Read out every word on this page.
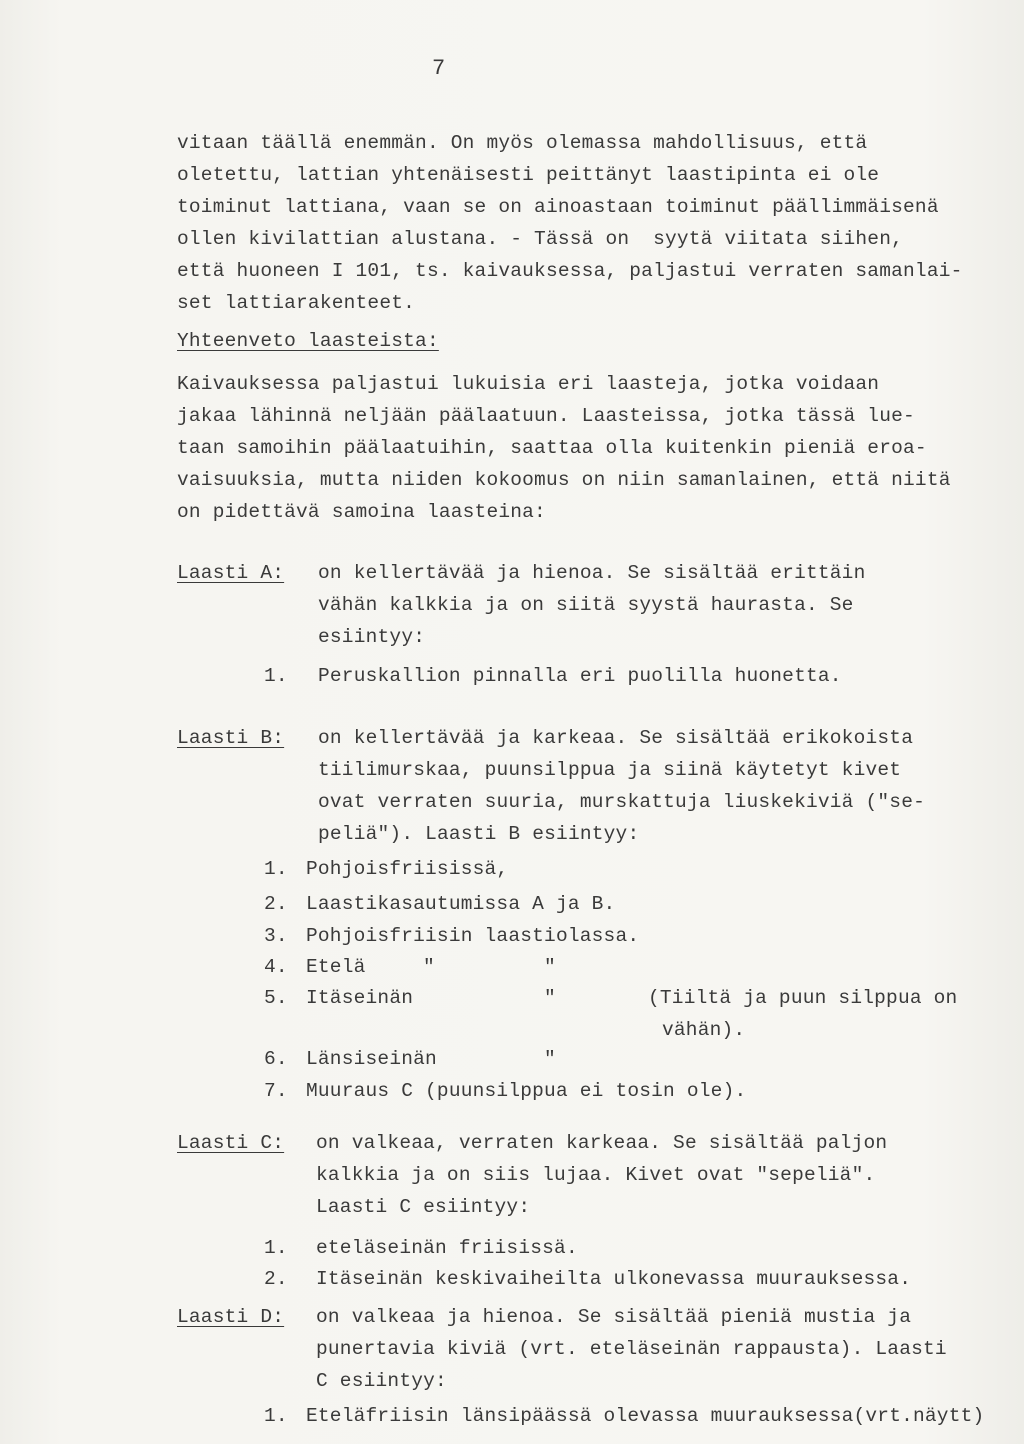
7
vitaan täällä enemmän. On myös olemassa mahdollisuus, että
oletettu, lattian yhtenäisesti peittänyt laastipinta ei ole
toiminut lattiana, vaan se on ainoastaan toiminut päällimmäisenä
ollen kivilattian alustana. - Tässä on  syytä viitata siihen,
että huoneen I 101, ts. kaivauksessa, paljastui verraten samanlai-
set lattiarakenteet.
Yhteenveto laasteista:
Kaivauksessa paljastui lukuisia eri laasteja, jotka voidaan
jakaa lähinnä neljään päälaatuun. Laasteissa, jotka tässä lue-
taan samoihin päälaatuihin, saattaa olla kuitenkin pieniä eroa-
vaisuuksia, mutta niiden kokoomus on niin samanlainen, että niitä
on pidettävä samoina laasteina:
Laasti A: on kellertävää ja hienoa. Se sisältää erittäin
vähän kalkkia ja on siitä syystä haurasta. Se
esiintyy:
1. Peruskallion pinnalla eri puolilla huonetta.
Laasti B: on kellertävää ja karkeaa. Se sisältää erikokoista
tiilimurskaa, puunsilppua ja siinä käytetyt kivet
ovat verraten suuria, murskattuja liuskekiviä ("se-
peliä"). Laasti B esiintyy:
1. Pohjoisfriisissä,
2. Laastikasautumissa A ja B.
3. Pohjoisfriisin laastiolassa.
4. Etelä	"	"
5. Itäseinän	"	(Tiiltä ja puun silppua on
vähän).
6. Länsiseinän	"
7. Muuraus C (puunsilppua ei tosin ole).
Laasti C: on valkeaa, verraten karkeaa. Se sisältää paljon
kalkkia ja on siis lujaa. Kivet ovat "sepeliä".
Laasti C esiintyy:
1. eteläseinän friisissä.
2. Itäseinän keskivaiheilta ulkonevassa muurauksessa.
Laasti D: on valkeaa ja hienoa. Se sisältää pieniä mustia ja
punertavia kiviä (vrt. eteläseinän rappausta). Laasti
C esiintyy:
1. Eteläfriisin länsipäässä olevassa muurauksessa(vrt.näytt)
